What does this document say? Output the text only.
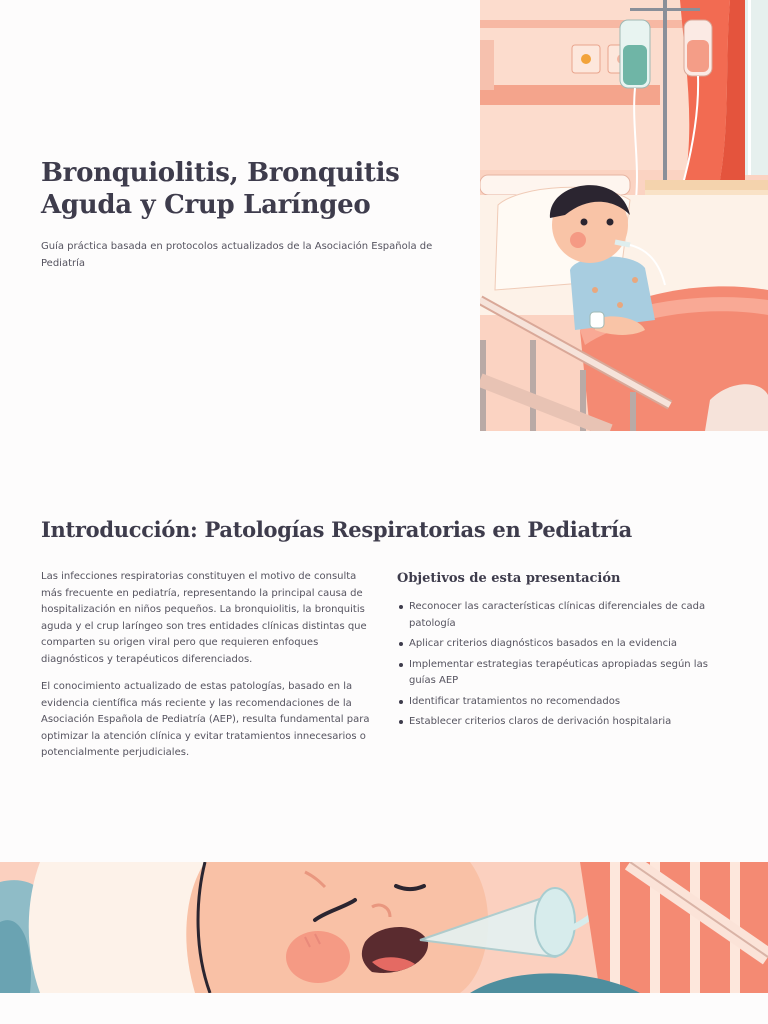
Bronquiolitis, Bronquitis Aguda y Crup Laríngeo

Guía práctica basada en protocolos actualizados de la Asociación Española de Pediatría

Introducción: Patologías Respiratorias en Pediatría

Las infecciones respiratorias constituyen el motivo de consulta más frecuente en pediatría, representando la principal causa de hospitalización en niños pequeños. La bronquiolitis, la bronquitis aguda y el crup laríngeo son tres entidades clínicas distintas que comparten su origen viral pero que requieren enfoques diagnósticos y terapéuticos diferenciados.

El conocimiento actualizado de estas patologías, basado en la evidencia científica más reciente y las recomendaciones de la Asociación Española de Pediatría (AEP), resulta fundamental para optimizar la atención clínica y evitar tratamientos innecesarios o potencialmente perjudiciales.

Objetivos de esta presentación
Reconocer las características clínicas diferenciales de cada patología
Aplicar criterios diagnósticos basados en la evidencia
Implementar estrategias terapéuticas apropiadas según las guías AEP
Identificar tratamientos no recomendados
Establecer criterios claros de derivación hospitalaria
